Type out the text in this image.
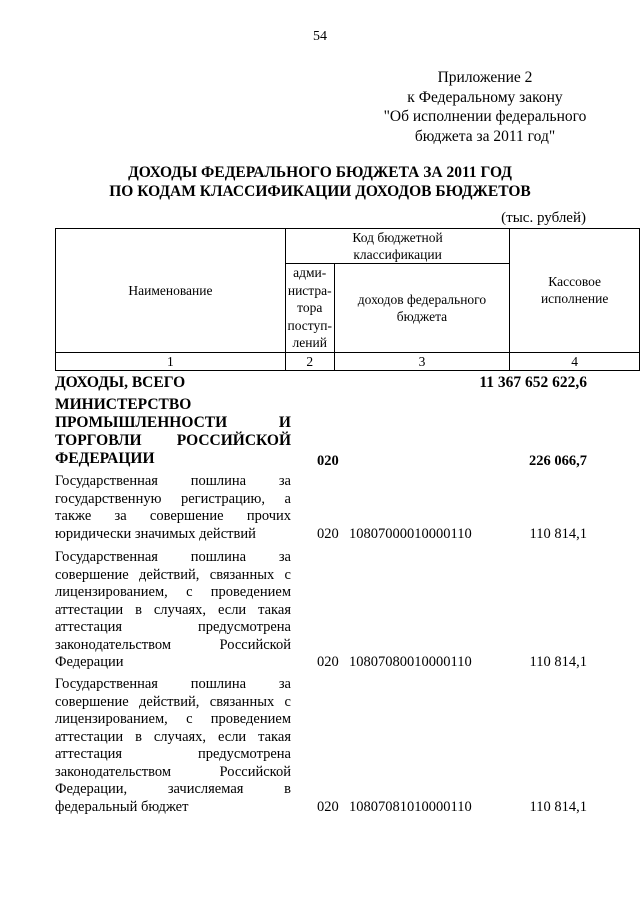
54
Приложение 2
к Федеральному закону
"Об исполнении федерального
бюджета за 2011 год"
ДОХОДЫ ФЕДЕРАЛЬНОГО БЮДЖЕТА ЗА 2011 ГОД
ПО КОДАМ КЛАССИФИКАЦИИ ДОХОДОВ БЮДЖЕТОВ
(тыс. рублей)
Наименование	Код бюджетной классификации		Кассовое исполнение
	адми-
нистра-
тора
поступ-
лений	доходов федерального бюджета	
1	2	3	4
ДОХОДЫ, ВСЕГО	11 367 652 622,6
МИНИСТЕРСТВО ПРОМЫШЛЕННОСТИ И ТОРГОВЛИ РОССИЙСКОЙ ФЕДЕРАЦИИ	020	226 066,7
Государственная пошлина за государственную регистрацию, а также за совершение прочих юридически значимых действий	020 10807000010000110	110 814,1
Государственная пошлина за совершение действий, связанных с лицензированием, с проведением аттестации в случаях, если такая аттестация предусмотрена законодательством Российской Федерации	020 10807080010000110	110 814,1
Государственная пошлина за совершение действий, связанных с лицензированием, с проведением аттестации в случаях, если такая аттестация предусмотрена законодательством Российской Федерации, зачисляемая в федеральный бюджет	020 10807081010000110	110 814,1
